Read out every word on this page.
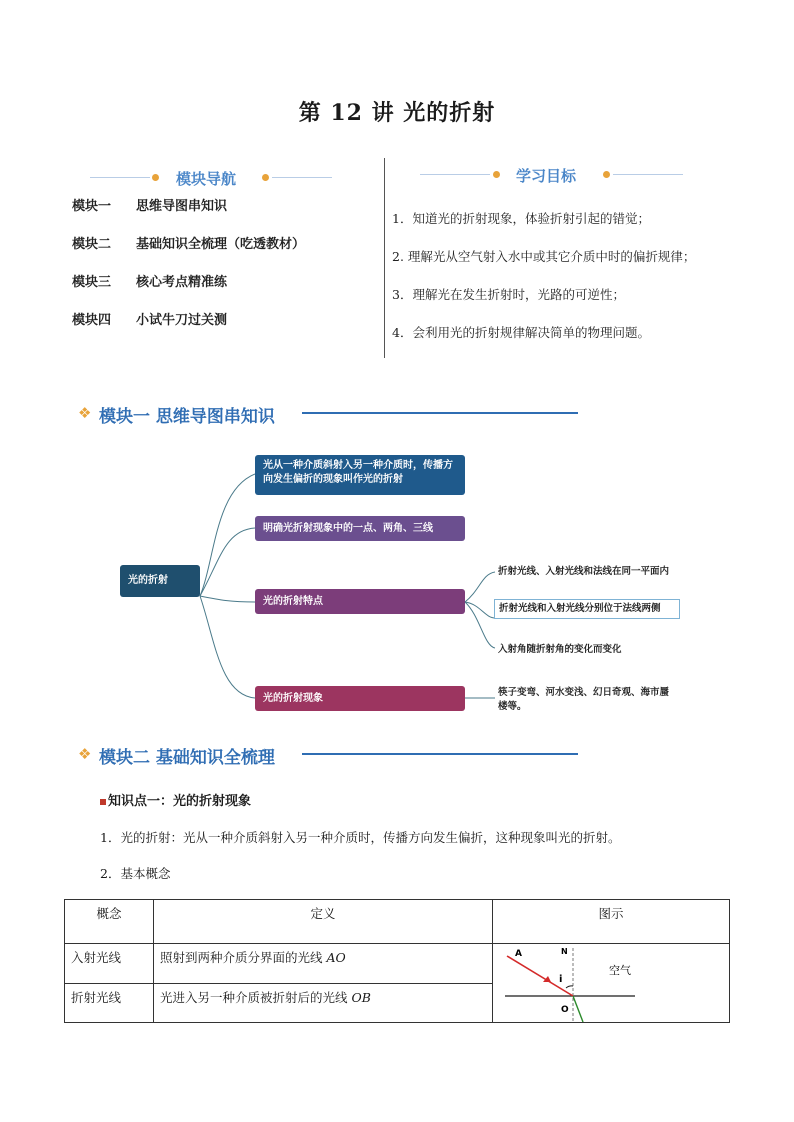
第 12 讲 光的折射
模块导航
模块一 思维导图串知识
模块二 基础知识全梳理（吃透教材）
模块三 核心考点精准练
模块四 小试牛刀过关测
学习目标
1．知道光的折射现象，体验折射引起的错觉；
2. 理解光从空气射入水中或其它介质中时的偏折规律；
3．理解光在发生折射时，光路的可逆性；
4．会利用光的折射规律解决简单的物理问题。
❖ 模块一 思维导图串知识
光的折射
光从一种介质斜射入另一种介质时，传播方向发生偏折的现象叫作光的折射
明确光折射现象中的一点、两角、三线
光的折射特点
光的折射现象
折射光线、入射光线和法线在同一平面内
折射光线和入射光线分别位于法线两侧
入射角随折射角的变化而变化
筷子变弯、河水变浅、幻日奇观、海市蜃楼等。
❖ 模块二 基础知识全梳理
知识点一：光的折射现象
1．光的折射：光从一种介质斜射入另一种介质时，传播方向发生偏折，这种现象叫光的折射。
2．基本概念
概念	定义	图示
入射光线	照射到两种介质分界面的光线 AO	A N
i
空气
O

折射光线	光进入另一种介质被折射后的光线 OB	
